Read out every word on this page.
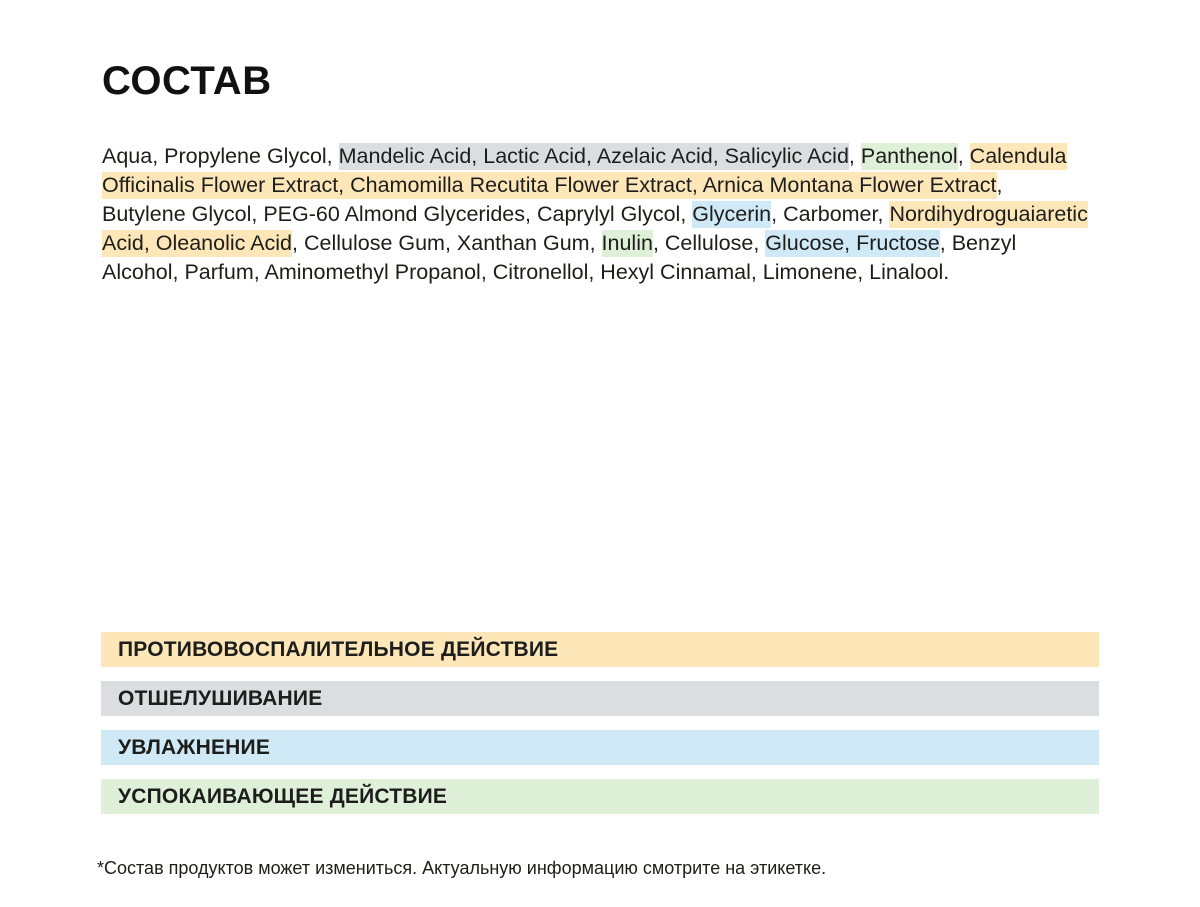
СОСТАВ

Aqua, Propylene Glycol, Mandelic Acid, Lactic Acid, Azelaic Acid, Salicylic Acid, Panthenol, Calendula Officinalis Flower Extract, Chamomilla Recutita Flower Extract, Arnica Montana Flower Extract, Butylene Glycol, PEG-60 Almond Glycerides, Caprylyl Glycol, Glycerin, Carbomer, Nordihydroguaiaretic Acid, Oleanolic Acid, Cellulose Gum, Xanthan Gum, Inulin, Cellulose, Glucose, Fructose, Benzyl Alcohol, Parfum, Aminomethyl Propanol, Citronellol, Hexyl Cinnamal, Limonene, Linalool.

ПРОТИВОВОСПАЛИТЕЛЬНОЕ ДЕЙСТВИЕ
ОТШЕЛУШИВАНИЕ
УВЛАЖНЕНИЕ
УСПОКАИВАЮЩЕЕ ДЕЙСТВИЕ

*Состав продуктов может измениться. Актуальную информацию смотрите на этикетке.
